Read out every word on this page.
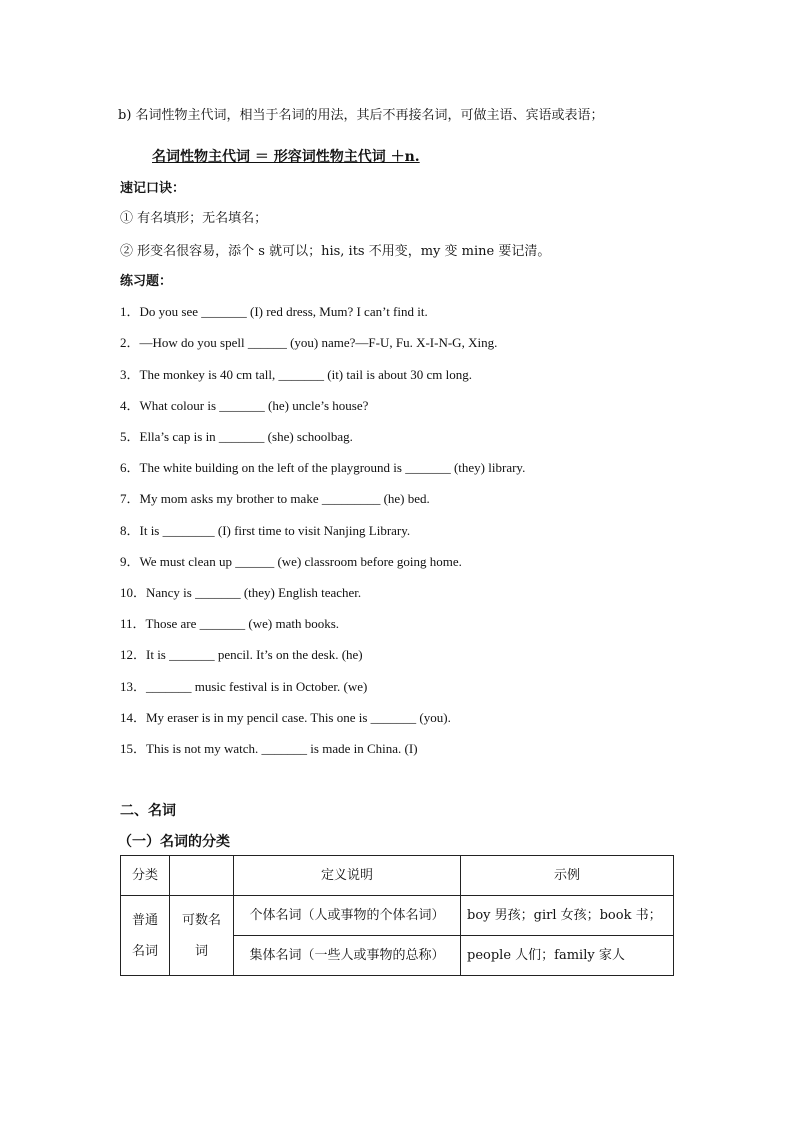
b) 名词性物主代词，相当于名词的用法，其后不再接名词，可做主语、宾语或表语；
名词性物主代词 ＝ 形容词性物主代词 ＋n.
速记口诀：
① 有名填形；无名填名；
② 形变名很容易，添个 s 就可以；his, its 不用变，my 变 mine 要记清。
练习题：
1．Do you see _______ (I) red dress, Mum? I can’t find it.
2．—How do you spell ______ (you) name?—F-U, Fu. X-I-N-G, Xing.
3．The monkey is 40 cm tall, _______ (it) tail is about 30 cm long.
4．What colour is _______ (he) uncle’s house?
5．Ella’s cap is in _______ (she) schoolbag.
6．The white building on the left of the playground is _______ (they) library.
7．My mom asks my brother to make _________ (he) bed.
8．It is ________ (I) first time to visit Nanjing Library.
9．We must clean up ______ (we) classroom before going home.
10．Nancy is _______ (they) English teacher.
11．Those are _______ (we) math books.
12．It is _______ pencil. It’s on the desk. (he)
13．_______ music festival is in October. (we)
14．My eraser is in my pencil case. This one is _______ (you).
15．This is not my watch. _______ is made in China. (I)
二、名词
（一）名词的分类
分类		定义说明	示例
普通名词	可数名词	个体名词（人或事物的个体名词）	boy 男孩；girl 女孩；book 书；
		集体名词（一些人或事物的总称）	people 人们；family 家人
